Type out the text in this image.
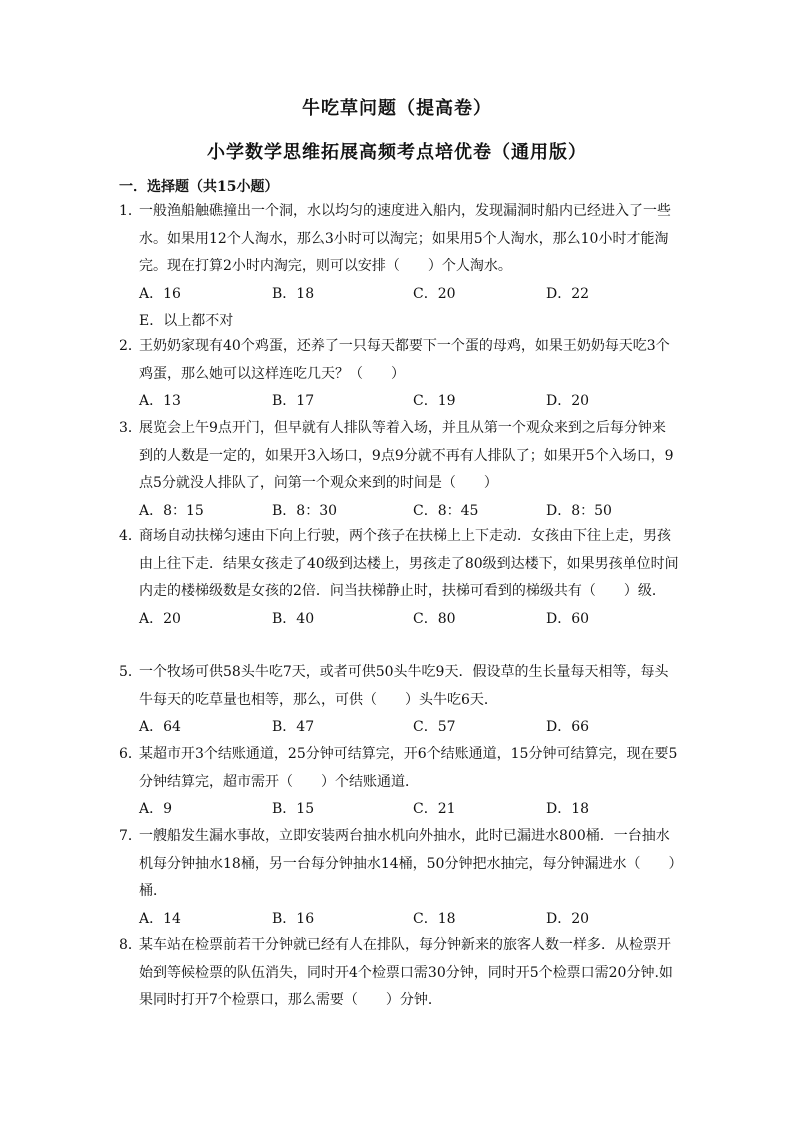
牛吃草问题（提高卷）
小学数学思维拓展高频考点培优卷（通用版）
一．选择题（共15小题）
1．
一般渔船触礁撞出一个洞，水以均匀的速度进入船内，发现漏洞时船内已经进入了一些水。如果用12个人淘水，那么3小时可以淘完；如果用5个人淘水，那么10小时才能淘完。现在打算2小时内淘完，则可以安排（　　）个人淘水。
A．16	B．18	C．20	D．22
E．以上都不对
2．
王奶奶家现有40个鸡蛋，还养了一只每天都要下一个蛋的母鸡，如果王奶奶每天吃3个鸡蛋，那么她可以这样连吃几天？（　　）
A．13	B．17	C．19	D．20
3．
展览会上午9点开门，但早就有人排队等着入场，并且从第一个观众来到之后每分钟来到的人数是一定的，如果开3入场口，9点9分就不再有人排队了；如果开5个入场口，9点5分就没人排队了，问第一个观众来到的时间是（　　）
A．8：15	B．8：30	C．8：45	D．8：50
4．
商场自动扶梯匀速由下向上行驶，两个孩子在扶梯上上下走动．女孩由下往上走，男孩由上往下走．结果女孩走了40级到达楼上，男孩走了80级到达楼下，如果男孩单位时间内走的楼梯级数是女孩的2倍．问当扶梯静止时，扶梯可看到的梯级共有（　　）级．
A．20	B．40	C．80	D．60
5．
一个牧场可供58头牛吃7天，或者可供50头牛吃9天．假设草的生长量每天相等，每头牛每天的吃草量也相等，那么，可供（　　）头牛吃6天．
A．64	B．47	C．57	D．66
6．
某超市开3个结账通道，25分钟可结算完，开6个结账通道，15分钟可结算完，现在要5分钟结算完，超市需开（　　）个结账通道．
A．9	B．15	C．21	D．18
7．
一艘船发生漏水事故，立即安装两台抽水机向外抽水，此时已漏进水800桶．一台抽水机每分钟抽水18桶，另一台每分钟抽水14桶，50分钟把水抽完，每分钟漏进水（　　）桶．
A．14	B．16	C．18	D．20
8．
某车站在检票前若干分钟就已经有人在排队，每分钟新来的旅客人数一样多．从检票开始到等候检票的队伍消失，同时开4个检票口需30分钟，同时开5个检票口需20分钟.如果同时打开7个检票口，那么需要（　　）分钟．
